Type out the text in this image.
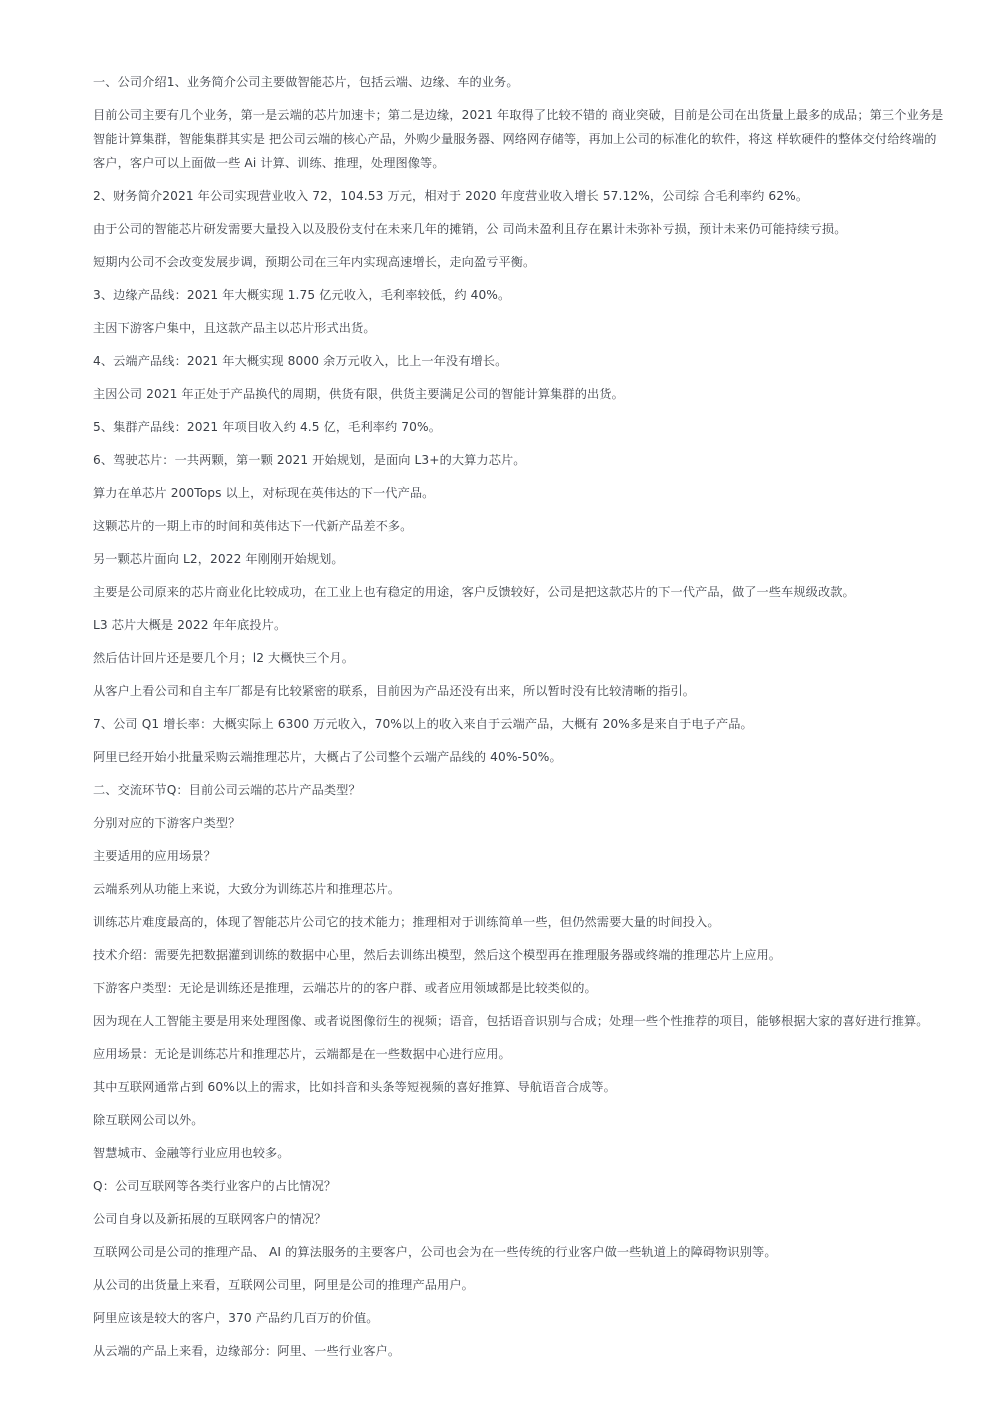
一、公司介绍1、业务简介公司主要做智能芯片，包括云端、边缘、车的业务。

目前公司主要有几个业务，第一是云端的芯片加速卡；第二是边缘，2021 年取得了比较不错的 商业突破，目前是公司在出货量上最多的成品；第三个业务是智能计算集群，智能集群其实是 把公司云端的核心产品，外购少量服务器、网络网存储等，再加上公司的标准化的软件，将这 样软硬件的整体交付给终端的客户，客户可以上面做一些 Ai 计算、训练、推理，处理图像等。

2、财务简介2021 年公司实现营业收入 72，104.53 万元，相对于 2020 年度营业收入增长 57.12%，公司综 合毛利率约 62%。

由于公司的智能芯片研发需要大量投入以及股份支付在未来几年的摊销，公 司尚未盈利且存在累计未弥补亏损，预计未来仍可能持续亏损。

短期内公司不会改变发展步调，预期公司在三年内实现高速增长，走向盈亏平衡。

3、边缘产品线：2021 年大概实现 1.75 亿元收入，毛利率较低，约 40%。

主因下游客户集中，且这款产品主以芯片形式出货。

4、云端产品线：2021 年大概实现 8000 余万元收入，比上一年没有增长。

主因公司 2021 年正处于产品换代的周期，供货有限，供货主要满足公司的智能计算集群的出货。

5、集群产品线：2021 年项目收入约 4.5 亿，毛利率约 70%。

6、驾驶芯片：一共两颗，第一颗 2021 开始规划，是面向 L3+的大算力芯片。

算力在单芯片 200Tops 以上，对标现在英伟达的下一代产品。

这颗芯片的一期上市的时间和英伟达下一代新产品差不多。

另一颗芯片面向 L2，2022 年刚刚开始规划。

主要是公司原来的芯片商业化比较成功，在工业上也有稳定的用途，客户反馈较好，公司是把这款芯片的下一代产品，做了一些车规级改款。

L3 芯片大概是 2022 年年底投片。

然后估计回片还是要几个月；l2 大概快三个月。

从客户上看公司和自主车厂都是有比较紧密的联系，目前因为产品还没有出来，所以暂时没有比较清晰的指引。

7、公司 Q1 增长率：大概实际上 6300 万元收入，70%以上的收入来自于云端产品，大概有 20%多是来自于电子产品。

阿里已经开始小批量采购云端推理芯片，大概占了公司整个云端产品线的 40%-50%。

二、交流环节Q：目前公司云端的芯片产品类型？

分别对应的下游客户类型？

主要适用的应用场景？

云端系列从功能上来说，大致分为训练芯片和推理芯片。

训练芯片难度最高的，体现了智能芯片公司它的技术能力；推理相对于训练简单一些，但仍然需要大量的时间投入。

技术介绍：需要先把数据灌到训练的数据中心里，然后去训练出模型，然后这个模型再在推理服务器或终端的推理芯片上应用。

下游客户类型：无论是训练还是推理，云端芯片的的客户群、或者应用领域都是比较类似的。

因为现在人工智能主要是用来处理图像、或者说图像衍生的视频；语音，包括语音识别与合成；处理一些个性推荐的项目，能够根据大家的喜好进行推算。

应用场景：无论是训练芯片和推理芯片，云端都是在一些数据中心进行应用。

其中互联网通常占到 60%以上的需求，比如抖音和头条等短视频的喜好推算、导航语音合成等。

除互联网公司以外。

智慧城市、金融等行业应用也较多。

Q：公司互联网等各类行业客户的占比情况？

公司自身以及新拓展的互联网客户的情况？

互联网公司是公司的推理产品、 AI 的算法服务的主要客户，公司也会为在一些传统的行业客户做一些轨道上的障碍物识别等。

从公司的出货量上来看，互联网公司里，阿里是公司的推理产品用户。

阿里应该是较大的客户，370 产品约几百万的价值。

从云端的产品上来看，边缘部分：阿里、一些行业客户。
